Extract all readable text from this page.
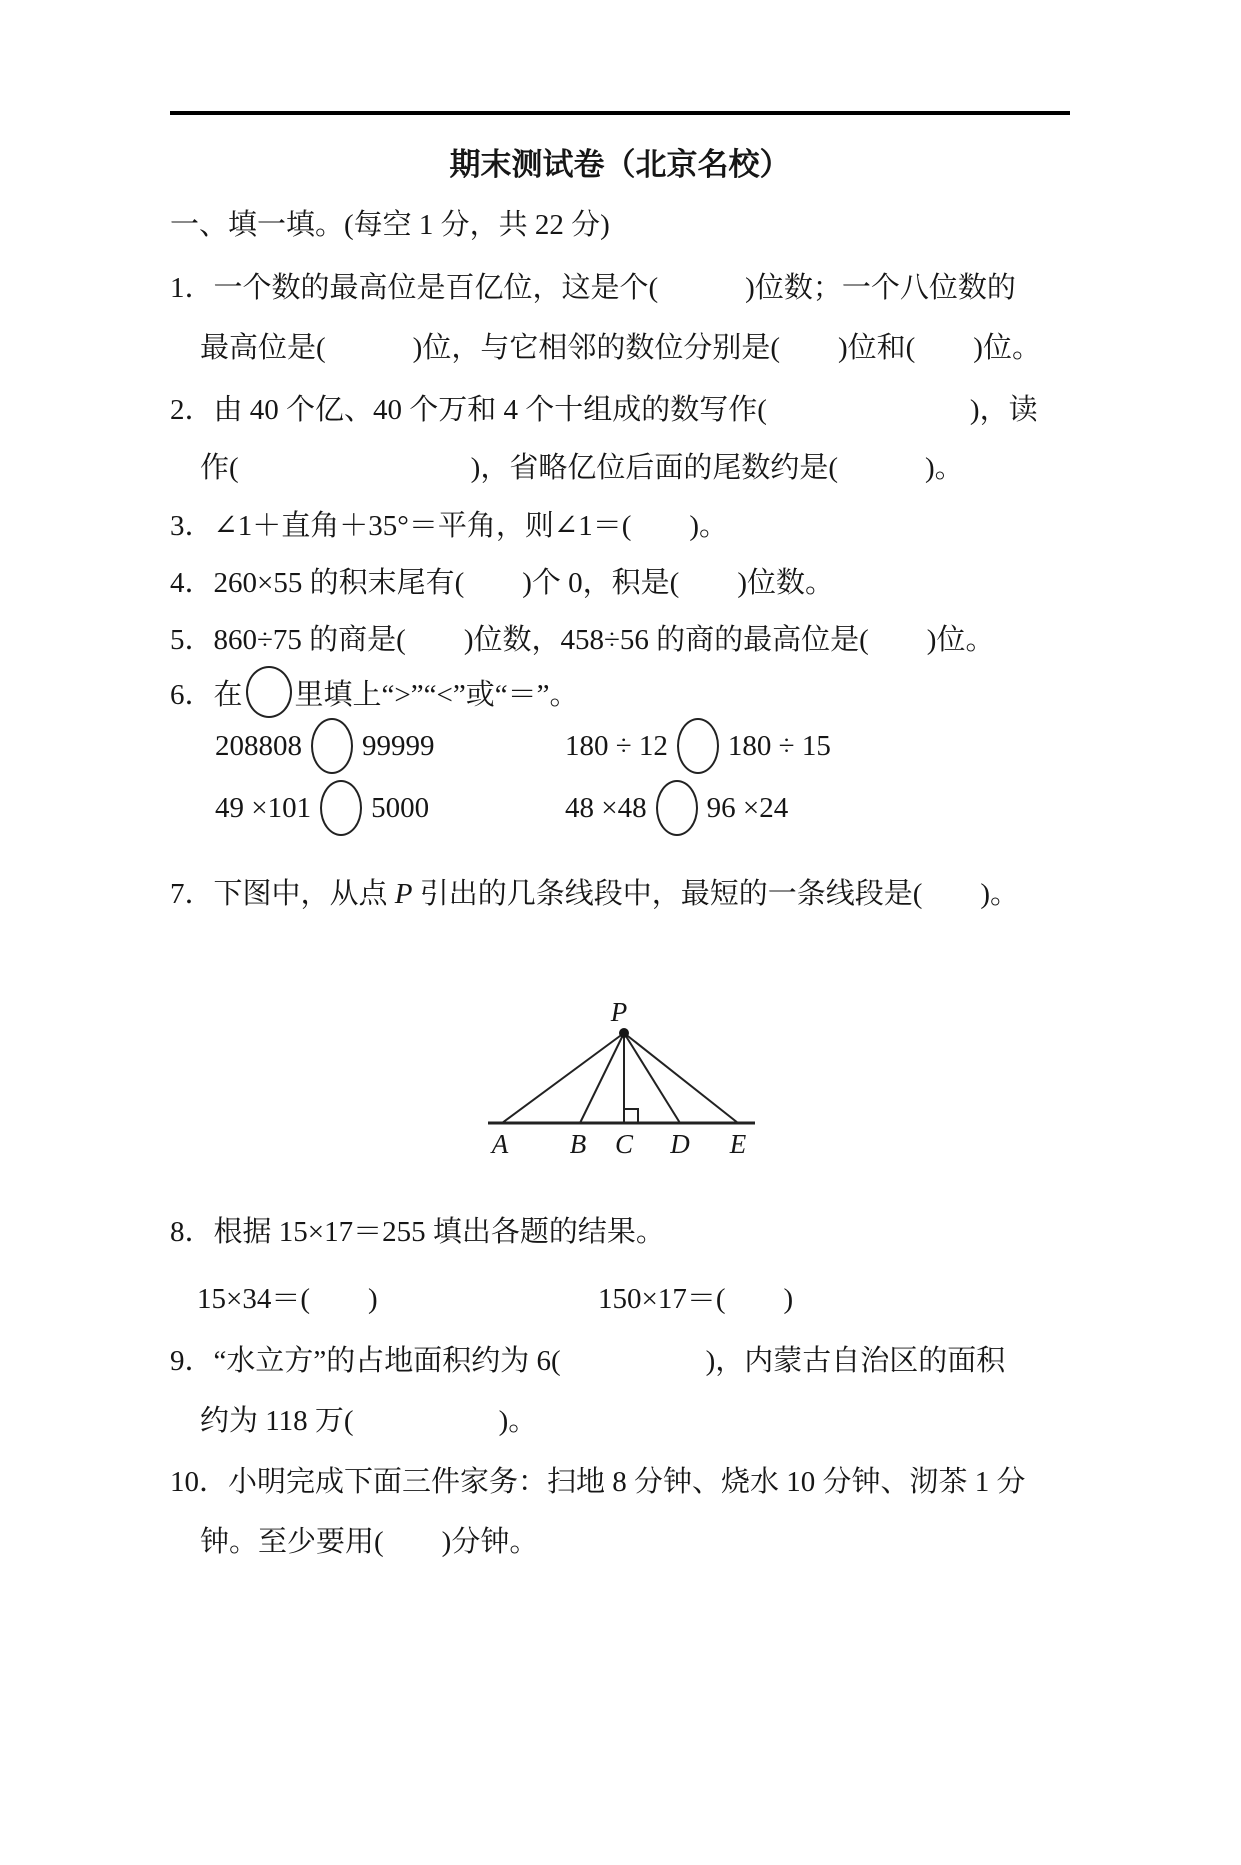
期末测试卷（北京名校）
一、填一填。(每空 1 分，共 22 分)
1．一个数的最高位是百亿位，这是个(　　　)位数；一个八位数的
最高位是(　　　)位，与它相邻的数位分别是(　　)位和(　　)位。
2．由 40 个亿、40 个万和 4 个十组成的数写作(　　　　　　　)，读
作(　　　　　　　　)，省略亿位后面的尾数约是(　　　)。
3．∠1＋直角＋35°＝平角，则∠1＝(　　)。
4．260×55 的积末尾有(　　)个 0，积是(　　)位数。
5．860÷75 的商是(　　)位数，458÷56 的商的最高位是(　　)位。
6．在 里填上“>”“<”或“＝”。
208808 99999	180 ÷ 12 180 ÷ 15
49 ×101 5000	48 ×48 96 ×24
7．下图中，从点 P 引出的几条线段中，最短的一条线段是(　　)。
P
A B C D E
8．根据 15×17＝255 填出各题的结果。
15×34＝(　　)	150×17＝(　　)
9．“水立方”的占地面积约为 6(　　　　　)，内蒙古自治区的面积
约为 118 万(　　　　　)。
10．小明完成下面三件家务：扫地 8 分钟、烧水 10 分钟、沏茶 1 分
钟。至少要用(　　)分钟。
